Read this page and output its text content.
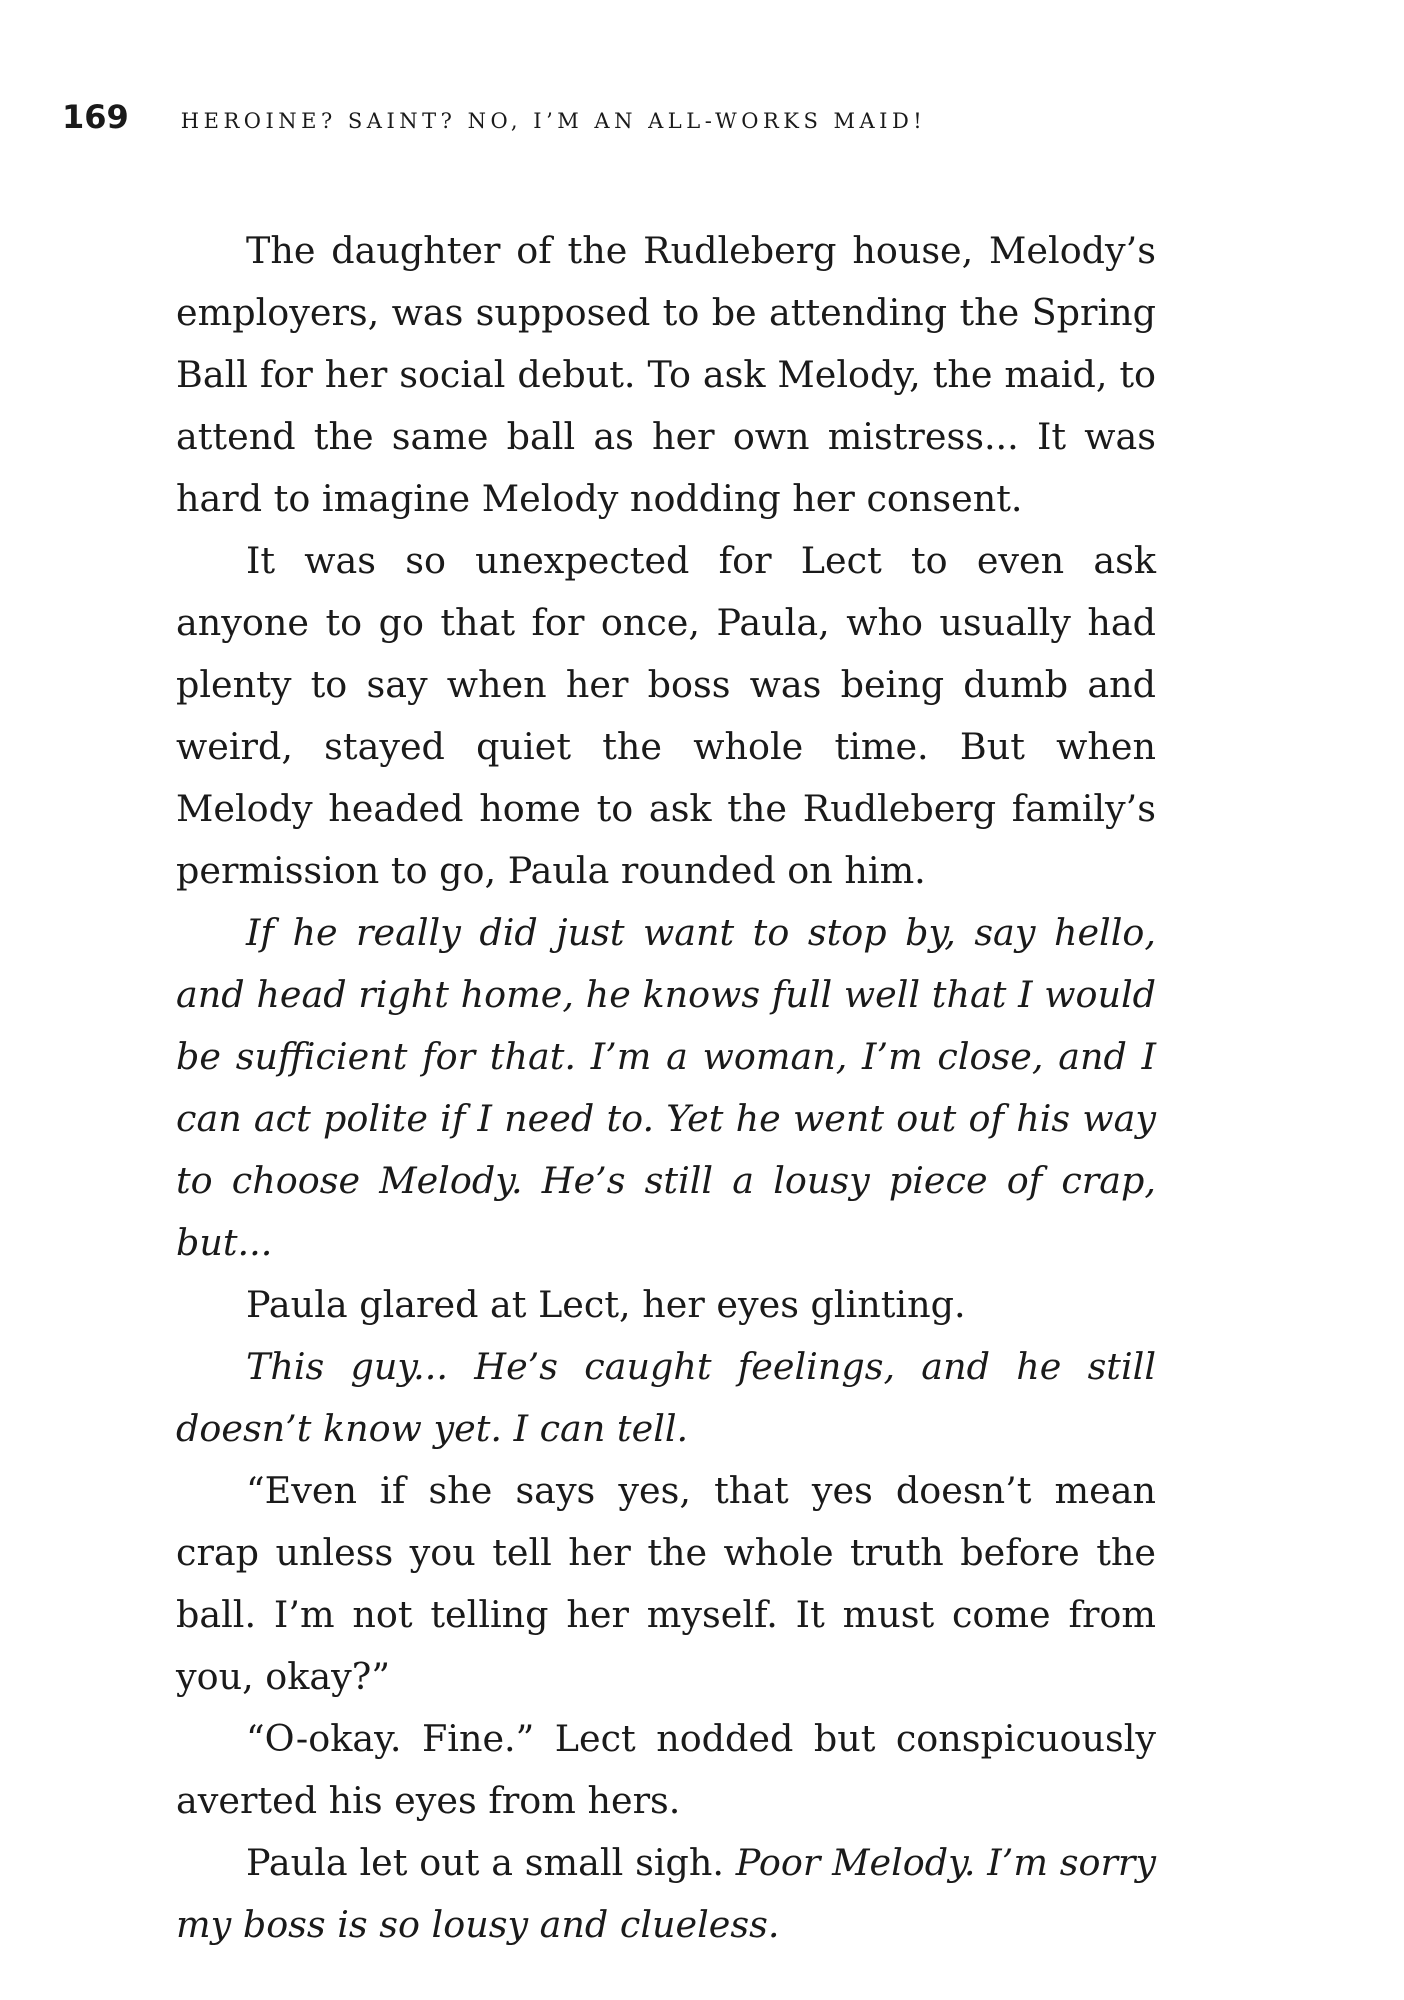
169 HEROINE? SAINT? NO, I’M AN ALL-WORKS MAID!

The daughter of the Rudleberg house, Melody’s employers, was supposed to be attending the Spring Ball for her social debut. To ask Melody, the maid, to attend the same ball as her own mistress... It was hard to imagine Melody nodding her consent.

It was so unexpected for Lect to even ask anyone to go that for once, Paula, who usually had plenty to say when her boss was being dumb and weird, stayed quiet the whole time. But when Melody headed home to ask the Rudleberg family’s permission to go, Paula rounded on him.

If he really did just want to stop by, say hello, and head right home, he knows full well that I would be sufficient for that. I’m a woman, I’m close, and I can act polite if I need to. Yet he went out of his way to choose Melody. He’s still a lousy piece of crap, but...

Paula glared at Lect, her eyes glinting.

This guy... He’s caught feelings, and he still doesn’t know yet. I can tell.

“Even if she says yes, that yes doesn’t mean crap unless you tell her the whole truth before the ball. I’m not telling her myself. It must come from you, okay?”

“O-okay. Fine.” Lect nodded but conspicuously averted his eyes from hers.

Paula let out a small sigh. Poor Melody. I’m sorry my boss is so lousy and clueless.
